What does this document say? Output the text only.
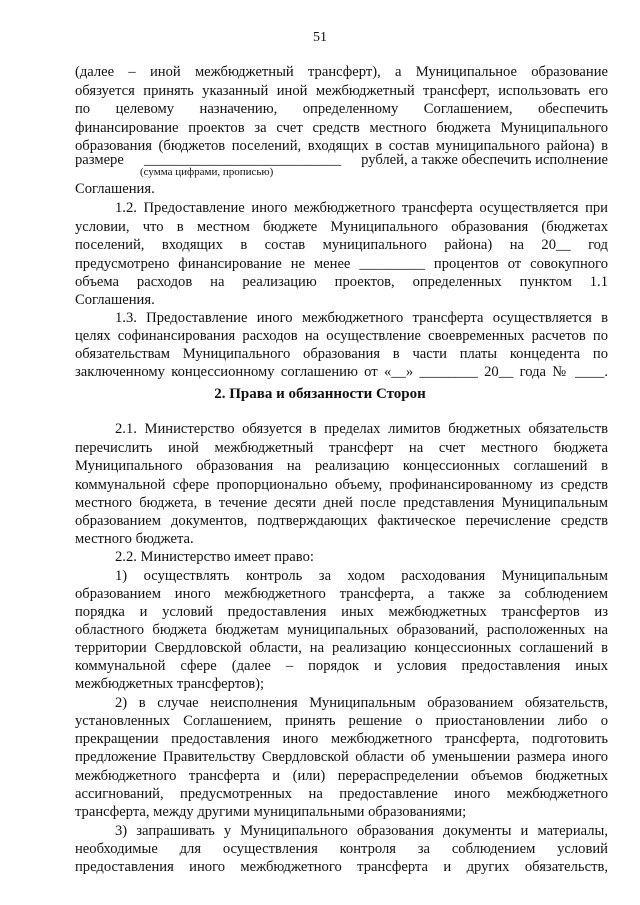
51
(далее – иной межбюджетный трансферт), а Муниципальное образование
обязуется принять указанный иной межбюджетный трансферт, использовать его
по целевому назначению, определенному Соглашением, обеспечить
финансирование проектов за счет средств местного бюджета Муниципального
образования (бюджетов поселений, входящих в состав муниципального района) в
размере ___________________________ рублей, а также обеспечить исполнение
(сумма цифрами, прописью)
Соглашения.
1.2. Предоставление иного межбюджетного трансферта осуществляется при
условии, что в местном бюджете Муниципального образования (бюджетах
поселений, входящих в состав муниципального района) на 20__ год
предусмотрено финансирование не менее _________ процентов от совокупного
объема расходов на реализацию проектов, определенных пунктом 1.1
Соглашения.
1.3. Предоставление иного межбюджетного трансферта осуществляется в
целях софинансирования расходов на осуществление своевременных расчетов по
обязательствам Муниципального образования в части платы концедента по
заключенному концессионному соглашению от «__» ________ 20__ года № ____.
2. Права и обязанности Сторон
2.1. Министерство обязуется в пределах лимитов бюджетных обязательств
перечислить иной межбюджетный трансферт на счет местного бюджета
Муниципального образования на реализацию концессионных соглашений в
коммунальной сфере пропорционально объему, профинансированному из средств
местного бюджета, в течение десяти дней после представления Муниципальным
образованием документов, подтверждающих фактическое перечисление средств
местного бюджета.
2.2. Министерство имеет право:
1) осуществлять контроль за ходом расходования Муниципальным
образованием иного межбюджетного трансферта, а также за соблюдением
порядка и условий предоставления иных межбюджетных трансфертов из
областного бюджета бюджетам муниципальных образований, расположенных на
территории Свердловской области, на реализацию концессионных соглашений в
коммунальной сфере (далее – порядок и условия предоставления иных
межбюджетных трансфертов);
2) в случае неисполнения Муниципальным образованием обязательств,
установленных Соглашением, принять решение о приостановлении либо о
прекращении предоставления иного межбюджетного трансферта, подготовить
предложение Правительству Свердловской области об уменьшении размера иного
межбюджетного трансферта и (или) перераспределении объемов бюджетных
ассигнований, предусмотренных на предоставление иного межбюджетного
трансферта, между другими муниципальными образованиями;
3) запрашивать у Муниципального образования документы и материалы,
необходимые для осуществления контроля за соблюдением условий
предоставления иного межбюджетного трансферта и других обязательств,
